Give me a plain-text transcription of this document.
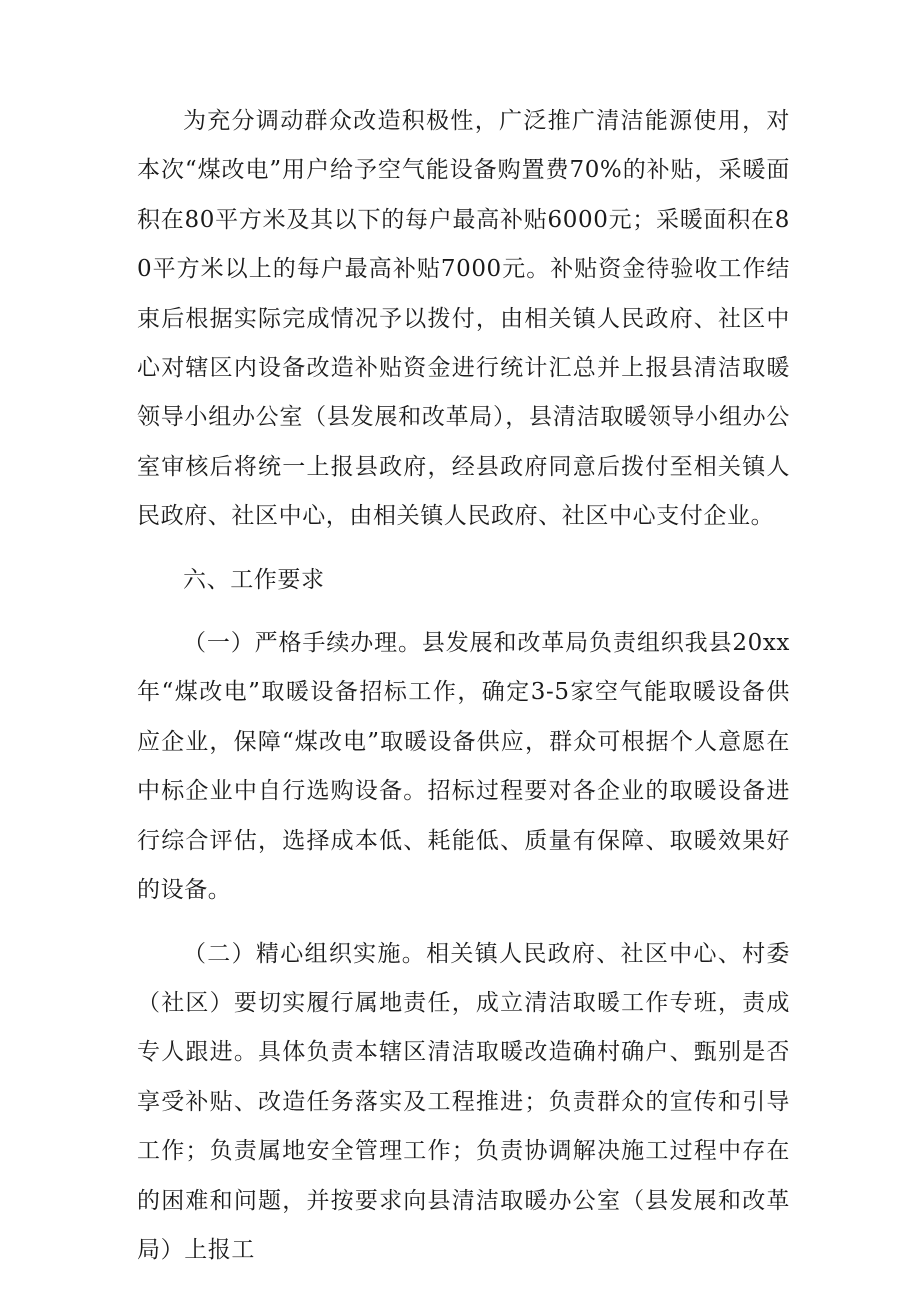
为充分调动群众改造积极性，广泛推广清洁能源使用，对本次“煤改电”用户给予空气能设备购置费70%的补贴，采暖面积在80平方米及其以下的每户最高补贴6000元；采暖面积在80平方米以上的每户最高补贴7000元。补贴资金待验收工作结束后根据实际完成情况予以拨付，由相关镇人民政府、社区中心对辖区内设备改造补贴资金进行统计汇总并上报县清洁取暖领导小组办公室（县发展和改革局），县清洁取暖领导小组办公室审核后将统一上报县政府，经县政府同意后拨付至相关镇人民政府、社区中心，由相关镇人民政府、社区中心支付企业。

六、工作要求

（一）严格手续办理。县发展和改革局负责组织我县20xx年“煤改电”取暖设备招标工作，确定3-5家空气能取暖设备供应企业，保障“煤改电”取暖设备供应，群众可根据个人意愿在中标企业中自行选购设备。招标过程要对各企业的取暖设备进行综合评估，选择成本低、耗能低、质量有保障、取暖效果好的设备。

（二）精心组织实施。相关镇人民政府、社区中心、村委（社区）要切实履行属地责任，成立清洁取暖工作专班，责成专人跟进。具体负责本辖区清洁取暖改造确村确户、甄别是否享受补贴、改造任务落实及工程推进；负责群众的宣传和引导工作；负责属地安全管理工作；负责协调解决施工过程中存在的困难和问题，并按要求向县清洁取暖办公室（县发展和改革局）上报工
